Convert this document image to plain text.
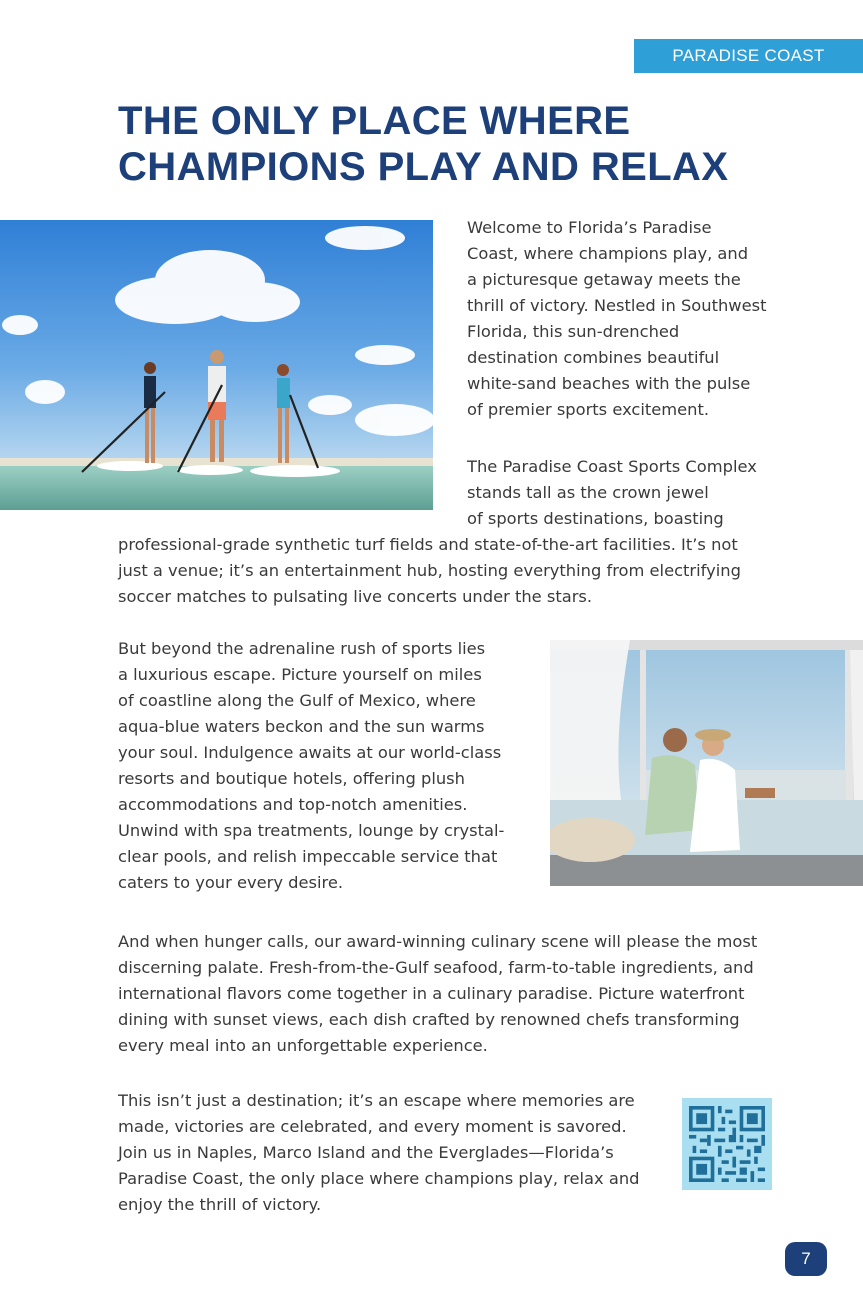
PARADISE COAST
THE ONLY PLACE WHERE
CHAMPIONS PLAY AND RELAX

Welcome to Florida’s Paradise
Coast, where champions play, and
a picturesque getaway meets the
thrill of victory. Nestled in Southwest
Florida, this sun-drenched
destination combines beautiful
white-sand beaches with the pulse
of premier sports excitement.

The Paradise Coast Sports Complex
stands tall as the crown jewel
of sports destinations, boasting

professional-grade synthetic turf fields and state-of-the-art facilities. It’s not
just a venue; it’s an entertainment hub, hosting everything from electrifying
soccer matches to pulsating live concerts under the stars.

But beyond the adrenaline rush of sports lies
a luxurious escape. Picture yourself on miles
of coastline along the Gulf of Mexico, where
aqua-blue waters beckon and the sun warms
your soul. Indulgence awaits at our world-class
resorts and boutique hotels, offering plush
accommodations and top-notch amenities.
Unwind with spa treatments, lounge by crystal-
clear pools, and relish impeccable service that
caters to your every desire.

And when hunger calls, our award-winning culinary scene will please the most
discerning palate. Fresh-from-the-Gulf seafood, farm-to-table ingredients, and
international flavors come together in a culinary paradise. Picture waterfront
dining with sunset views, each dish crafted by renowned chefs transforming
every meal into an unforgettable experience.

This isn’t just a destination; it’s an escape where memories are
made, victories are celebrated, and every moment is savored.
Join us in Naples, Marco Island and the Everglades—Florida’s
Paradise Coast, the only place where champions play, relax and
enjoy the thrill of victory.

7
